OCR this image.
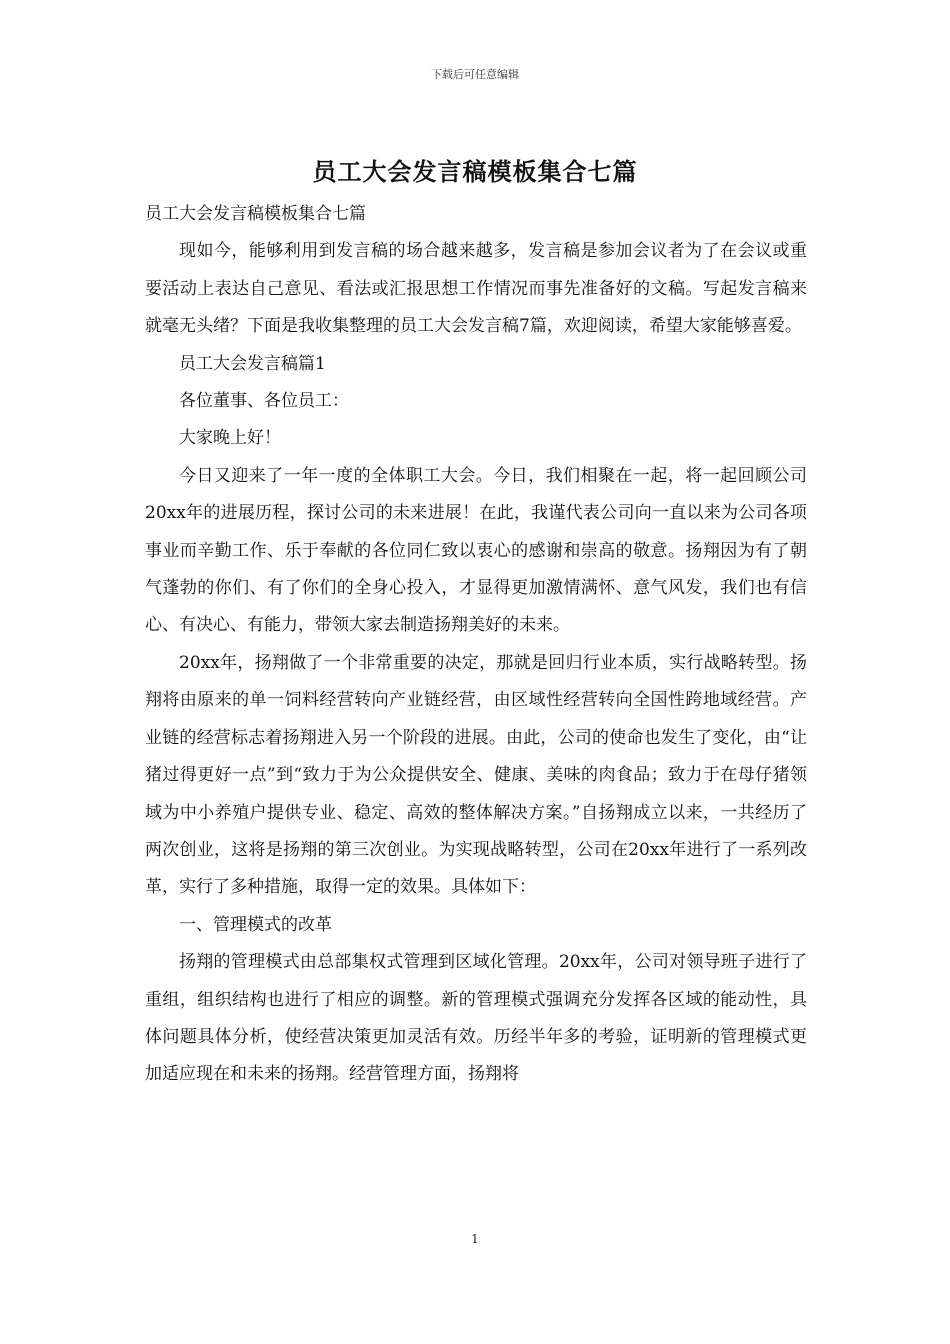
下载后可任意编辑
员工大会发言稿模板集合七篇

员工大会发言稿模板集合七篇

现如今，能够利用到发言稿的场合越来越多，发言稿是参加会议者为了在会议或重要活动上表达自己意见、看法或汇报思想工作情况而事先准备好的文稿。写起发言稿来就毫无头绪？下面是我收集整理的员工大会发言稿7篇，欢迎阅读，希望大家能够喜爱。

员工大会发言稿篇1

各位董事、各位员工：

大家晚上好！

今日又迎来了一年一度的全体职工大会。今日，我们相聚在一起，将一起回顾公司20xx年的进展历程，探讨公司的未来进展！在此，我谨代表公司向一直以来为公司各项事业而辛勤工作、乐于奉献的各位同仁致以衷心的感谢和崇高的敬意。扬翔因为有了朝气蓬勃的你们、有了你们的全身心投入，才显得更加激情满怀、意气风发，我们也有信心、有决心、有能力，带领大家去制造扬翔美好的未来。

20xx年，扬翔做了一个非常重要的决定，那就是回归行业本质，实行战略转型。扬翔将由原来的单一饲料经营转向产业链经营，由区域性经营转向全国性跨地域经营。产业链的经营标志着扬翔进入另一个阶段的进展。由此，公司的使命也发生了变化，由“让猪过得更好一点”到“致力于为公众提供安全、健康、美味的肉食品；致力于在母仔猪领域为中小养殖户提供专业、稳定、高效的整体解决方案。”自扬翔成立以来，一共经历了两次创业，这将是扬翔的第三次创业。为实现战略转型，公司在20xx年进行了一系列改革，实行了多种措施，取得一定的效果。具体如下：

一、管理模式的改革

扬翔的管理模式由总部集权式管理到区域化管理。20xx年，公司对领导班子进行了重组，组织结构也进行了相应的调整。新的管理模式强调充分发挥各区域的能动性，具体问题具体分析，使经营决策更加灵活有效。历经半年多的考验，证明新的管理模式更加适应现在和未来的扬翔。经营管理方面，扬翔将

1
